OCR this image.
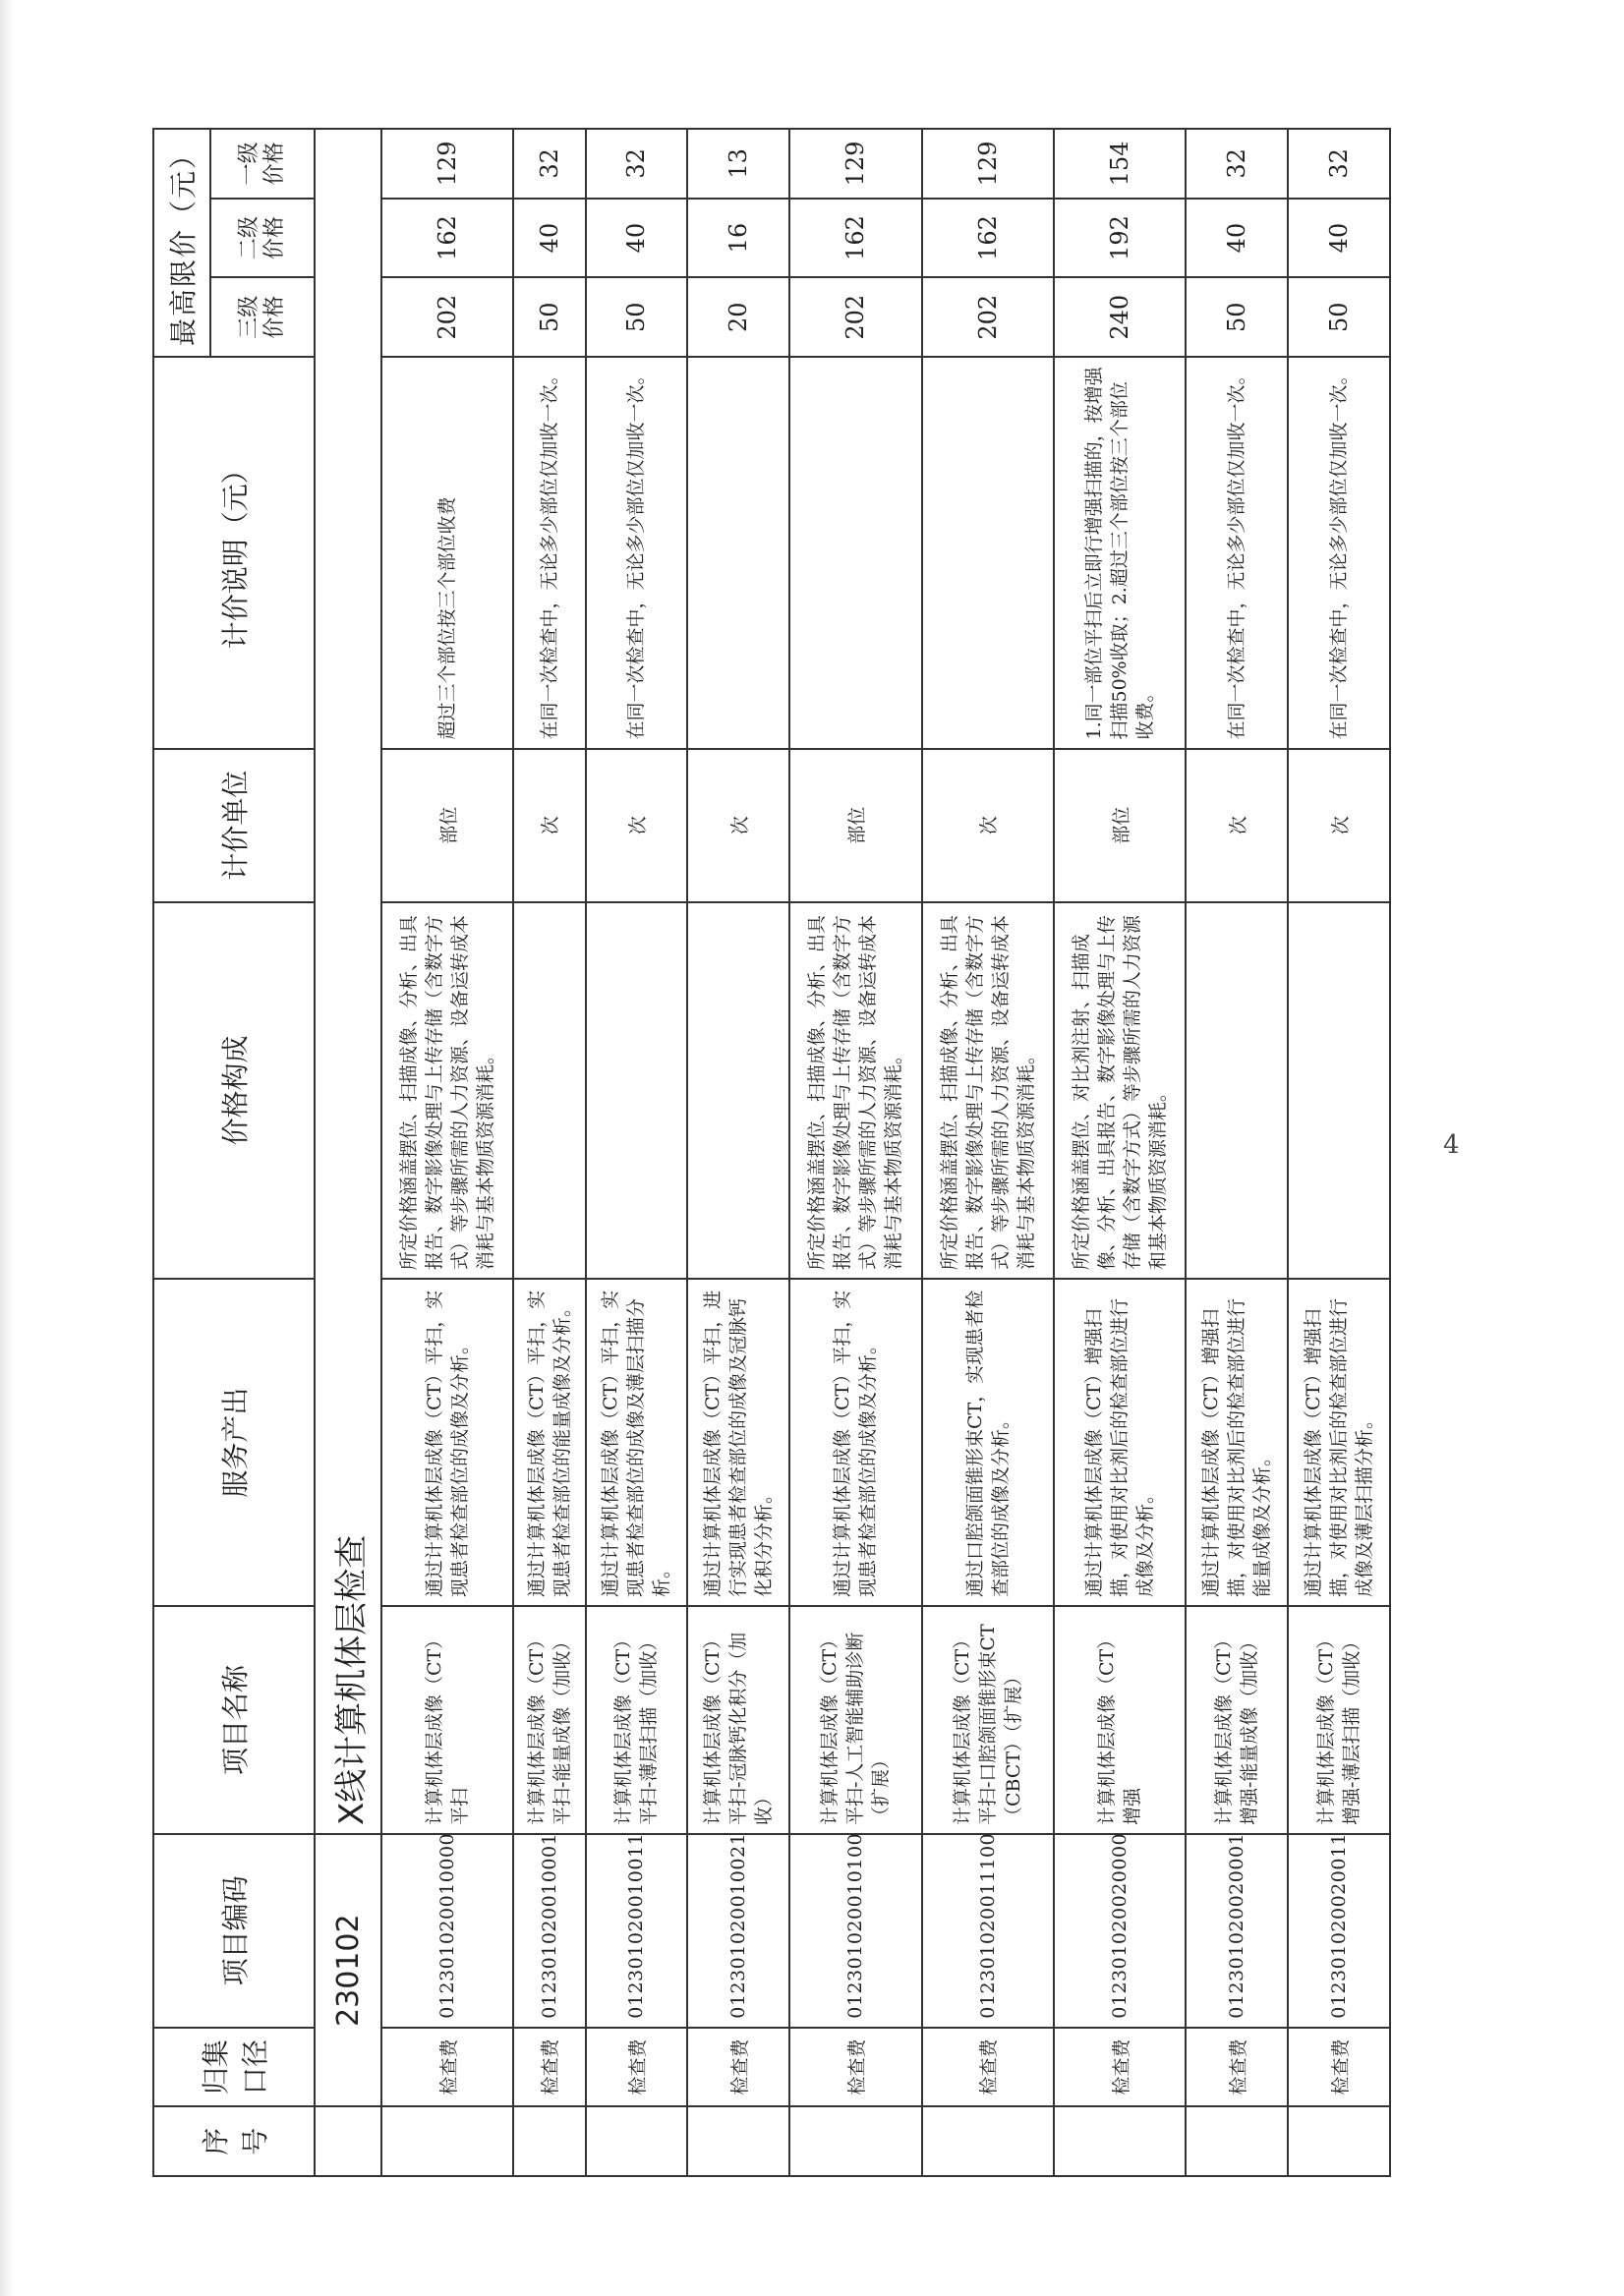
序号	归集口径	项目编码	项目名称	服务产出	价格构成	计价单位	计价说明（元）	最高限价（元）		
								三级价格	二级价格	一级价格
	230102		X线计算机体层检查							
	检查费	012301020010000	计算机体层成像（CT）平扫	通过计算机体层成像（CT）平扫，实现患者检查部位的成像及分析。	所定价格涵盖摆位、扫描成像、分析、出具报告、数字影像处理与上传存储（含数字方式）等步骤所需的人力资源、设备运转成本消耗与基本物质资源消耗。	部位	超过三个部位按三个部位收费	202	162	129
	检查费	012301020010001	计算机体层成像（CT）平扫-能量成像（加收）	通过计算机体层成像（CT）平扫，实现患者检查部位的能量成像及分析。		次	在同一次检查中，无论多少部位仅加收一次。	50	40	32
	检查费	012301020010011	计算机体层成像（CT）平扫-薄层扫描（加收）	通过计算机体层成像（CT）平扫，实现患者检查部位的成像及薄层扫描分析。		次	在同一次检查中，无论多少部位仅加收一次。	50	40	32
	检查费	012301020010021	计算机体层成像（CT）平扫-冠脉钙化积分（加收）	通过计算机体层成像（CT）平扫，进行实现患者检查部位的成像及冠脉钙化积分分析。		次		20	16	13
	检查费	012301020010100	计算机体层成像（CT）平扫-人工智能辅助诊断（扩展）	通过计算机体层成像（CT）平扫，实现患者检查部位的成像及分析。	所定价格涵盖摆位、扫描成像、分析、出具报告、数字影像处理与上传存储（含数字方式）等步骤所需的人力资源、设备运转成本消耗与基本物质资源消耗。	部位		202	162	129
	检查费	012301020011100	计算机体层成像（CT）平扫-口腔颌面锥形束CT（CBCT）（扩展）	通过口腔颌面锥形束CT，实现患者检查部位的成像及分析。	所定价格涵盖摆位、扫描成像、分析、出具报告、数字影像处理与上传存储（含数字方式）等步骤所需的人力资源、设备运转成本消耗与基本物质资源消耗。	次		202	162	129
	检查费	012301020020000	计算机体层成像（CT）增强	通过计算机体层成像（CT）增强扫描，对使用对比剂后的检查部位进行成像及分析。	所定价格涵盖摆位、对比剂注射、扫描成像、分析、出具报告、数字影像处理与上传存储（含数字方式）等步骤所需的人力资源和基本物质资源消耗。	部位	1.同一部位平扫后立即行增强扫描的，按增强扫描50%收取；2.超过三个部位按三个部位收费。	240	192	154
	检查费	012301020020001	计算机体层成像（CT）增强-能量成像（加收）	通过计算机体层成像（CT）增强扫描，对使用对比剂后的检查部位进行能量成像及分析。		次	在同一次检查中，无论多少部位仅加收一次。	50	40	32
	检查费	012301020020011	计算机体层成像（CT）增强-薄层扫描（加收）	通过计算机体层成像（CT）增强扫描，对使用对比剂后的检查部位进行成像及薄层扫描分析。		次	在同一次检查中，无论多少部位仅加收一次。	50	40	32
4
